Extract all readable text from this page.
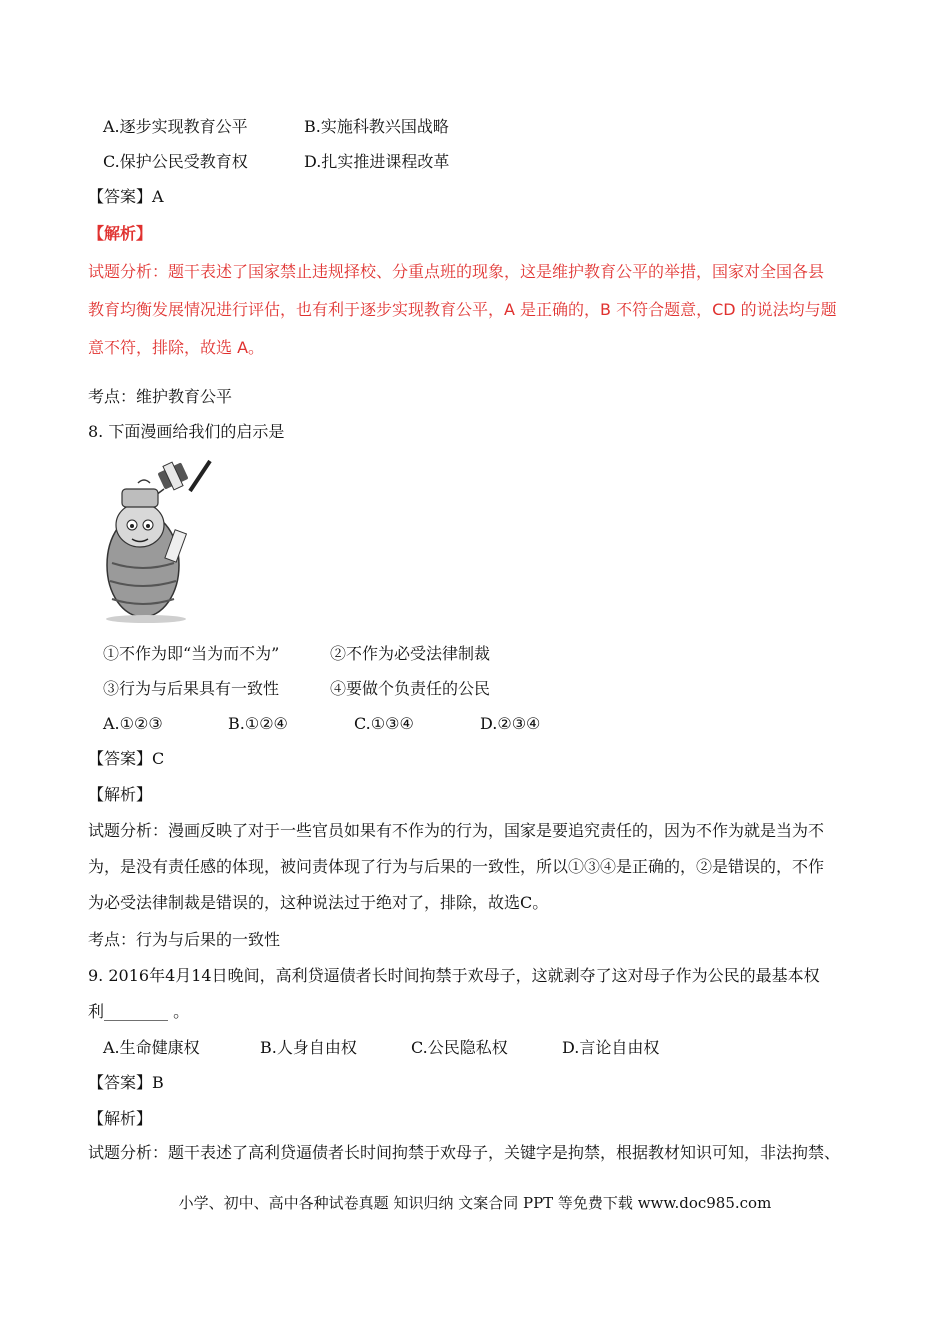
A.逐步实现教育公平	B.实施科教兴国战略
C.保护公民受教育权	D.扎实推进课程改革
【答案】A
【解析】
试题分析：题干表述了国家禁止违规择校、分重点班的现象，这是维护教育公平的举措，国家对全国各县
教育均衡发展情况进行评估，也有利于逐步实现教育公平，A 是正确的，B 不符合题意，CD 的说法均与题
意不符，排除，故选 A。
考点：维护教育公平
8. 下面漫画给我们的启示是
①不作为即“当为而不为”	②不作为必受法律制裁
③行为与后果具有一致性	④要做个负责任的公民
A.①②③	B.①②④	C.①③④	D.②③④
【答案】C
【解析】
试题分析：漫画反映了对于一些官员如果有不作为的行为，国家是要追究责任的，因为不作为就是当为不
为，是没有责任感的体现，被问责体现了行为与后果的一致性，所以①③④是正确的，②是错误的，不作
为必受法律制裁是错误的，这种说法过于绝对了，排除，故选C。
考点：行为与后果的一致性
9. 2016年4月14日晚间，高利贷逼债者长时间拘禁于欢母子，这就剥夺了这对母子作为公民的最基本权
利________ 。
A.生命健康权	B.人身自由权	C.公民隐私权	D.言论自由权
【答案】B
【解析】
试题分析：题干表述了高利贷逼债者长时间拘禁于欢母子，关键字是拘禁，根据教材知识可知，非法拘禁、
小学、初中、高中各种试卷真题 知识归纳 文案合同 PPT 等免费下载 www.doc985.com
